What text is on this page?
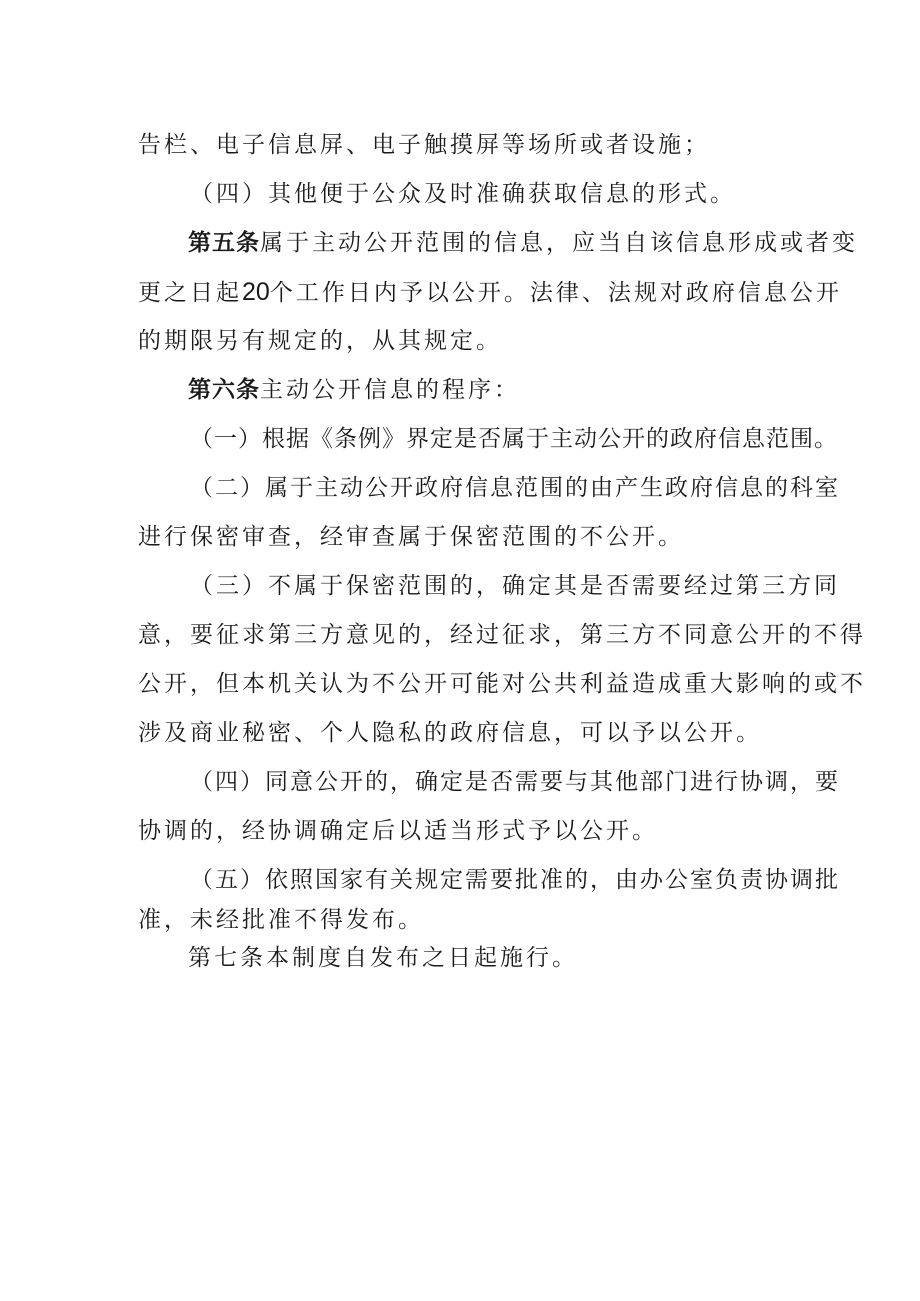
告栏、电子信息屏、电子触摸屏等场所或者设施；
（四）其他便于公众及时准确获取信息的形式。
第五条属于主动公开范围的信息，应当自该信息形成或者变
更之日起20个工作日内予以公开。法律、法规对政府信息公开
的期限另有规定的，从其规定。
第六条主动公开信息的程序：
（一）根据《条例》界定是否属于主动公开的政府信息范围。
（二）属于主动公开政府信息范围的由产生政府信息的科室
进行保密审查，经审查属于保密范围的不公开。
（三）不属于保密范围的，确定其是否需要经过第三方同
意，要征求第三方意见的，经过征求，第三方不同意公开的不得
公开，但本机关认为不公开可能对公共利益造成重大影响的或不
涉及商业秘密、个人隐私的政府信息，可以予以公开。
（四）同意公开的，确定是否需要与其他部门进行协调，要
协调的，经协调确定后以适当形式予以公开。
（五）依照国家有关规定需要批准的，由办公室负责协调批
准，未经批准不得发布。
第七条本制度自发布之日起施行。
